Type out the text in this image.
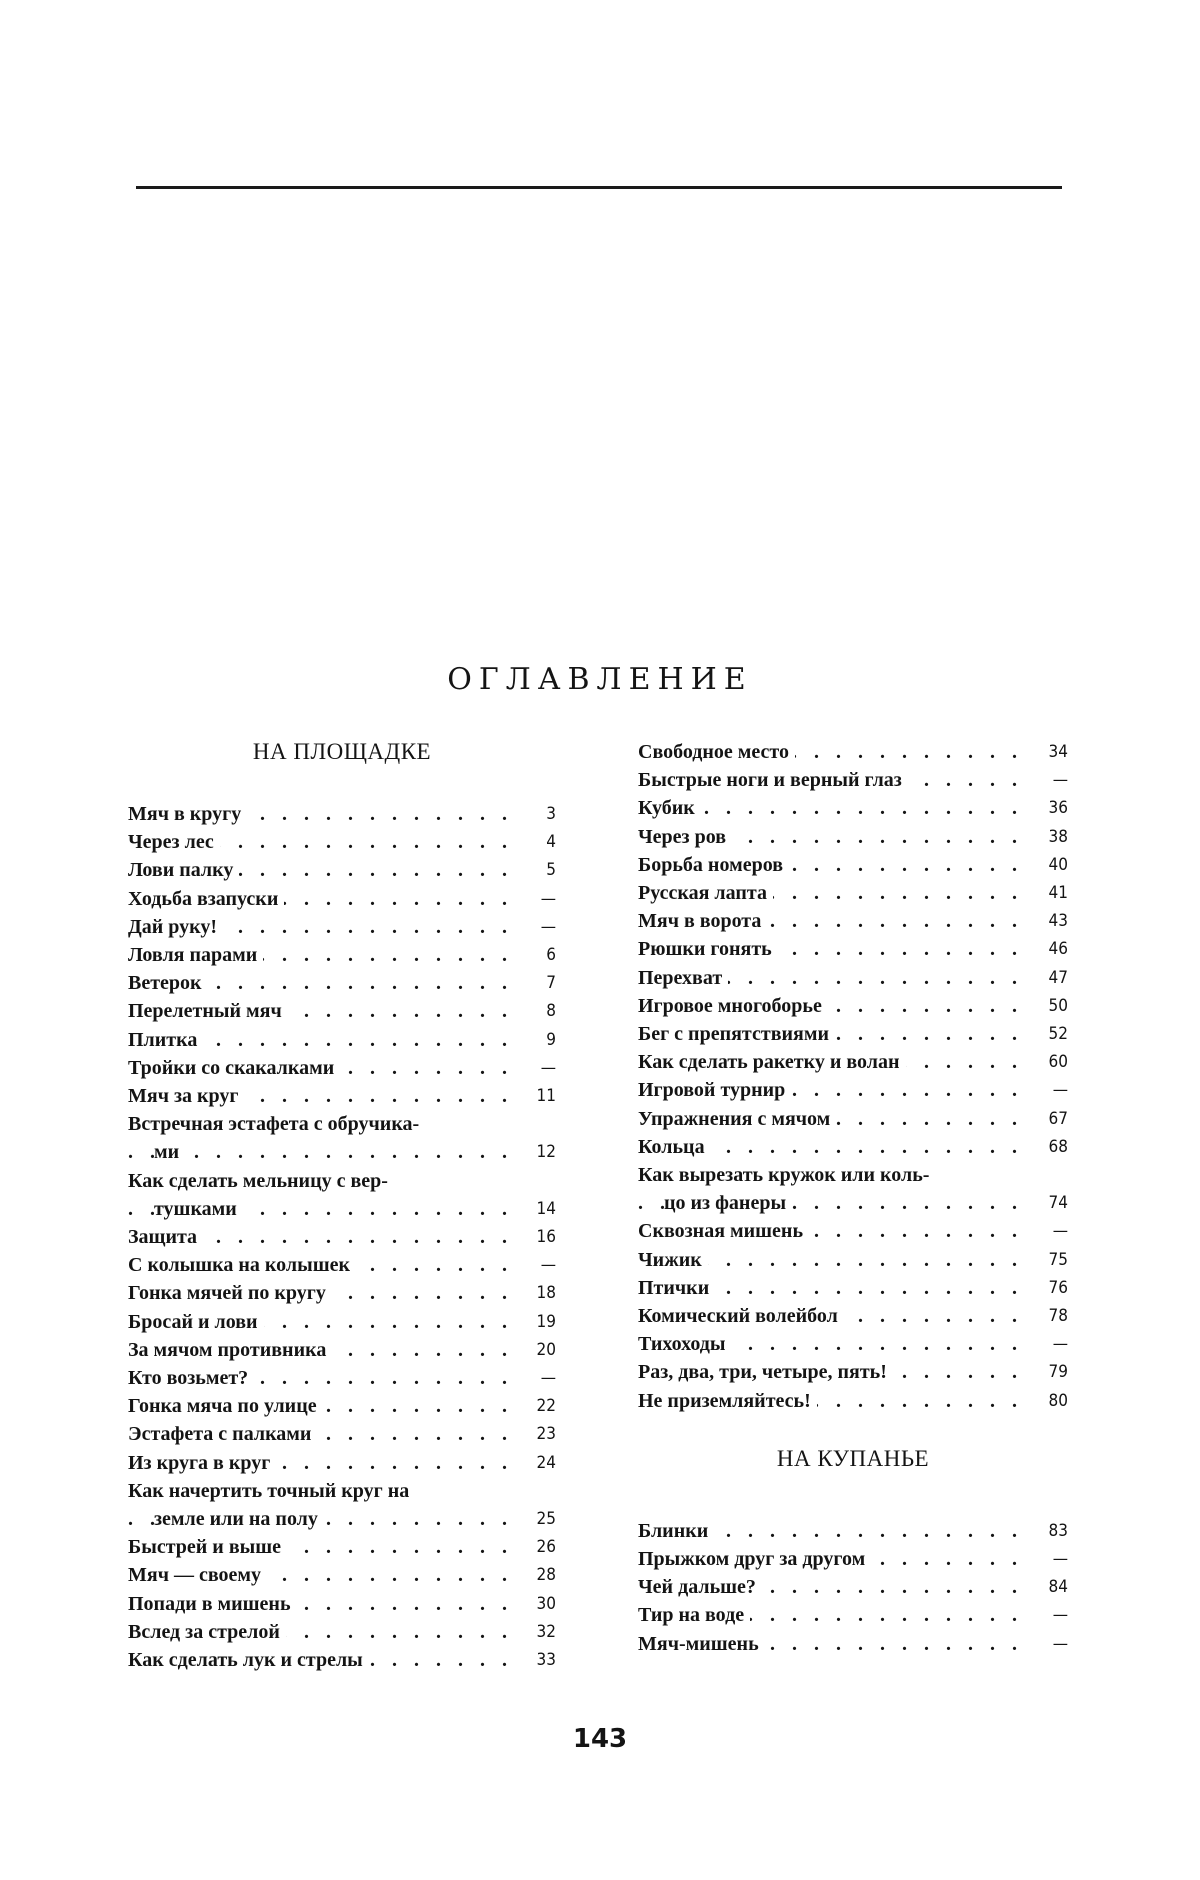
ОГЛАВЛЕНИЕ
НА ПЛОЩАДКЕ
Мяч в кругу . . .	3
Через лес . . .	4
Лови палку . . .	5
Ходьба взапуски . . .	—
Дай руку! . . .	—
Ловля парами . . .	6
Ветерок . . .	7
Перелетный мяч . . .	8
Плитка . . .	9
Тройки со скакалками . . .	—
Мяч за круг . . .	11
Встречная эстафета с обручика-
ми . . .	12
Как сделать мельницу с вер-
тушками . . .	14
Защита . . .	16
С колышка на колышек . . .	—
Гонка мячей по кругу . . .	18
Бросай и лови . . .	19
За мячом противника . . .	20
Кто возьмет? . . .	—
Гонка мяча по улице . . .	22
Эстафета с палками . . .	23
Из круга в круг . . .	24
Как начертить точный круг на
земле или на полу . . .	25
Быстрей и выше . . .	26
Мяч — своему . . .	28
Попади в мишень . . .	30
Вслед за стрелой . . .	32
Как сделать лук и стрелы . . .	33
Свободное место . . .	34
Быстрые ноги и верный глаз . . .	—
Кубик . . .	36
Через ров . . .	38
Борьба номеров . . .	40
Русская лапта . . .	41
Мяч в ворота . . .	43
Рюшки гонять . . .	46
Перехват . . .	47
Игровое многоборье . . .	50
Бег с препятствиями . . .	52
Как сделать ракетку и волан . . .	60
Игровой турнир . . .	—
Упражнения с мячом . . .	67
Кольца . . .	68
Как вырезать кружок или коль-
цо из фанеры . . .	74
Сквозная мишень . . .	—
Чижик . . .	75
Птички . . .	76
Комический волейбол . . .	78
Тихоходы . . .	—
Раз, два, три, четыре, пять! . . .	79
Не приземляйтесь! . . .	80
НА КУПАНЬЕ
Блинки . . .	83
Прыжком друг за другом . . .	—
Чей дальше? . . .	84
Тир на воде . . .	—
Мяч-мишень . . .	—
143
